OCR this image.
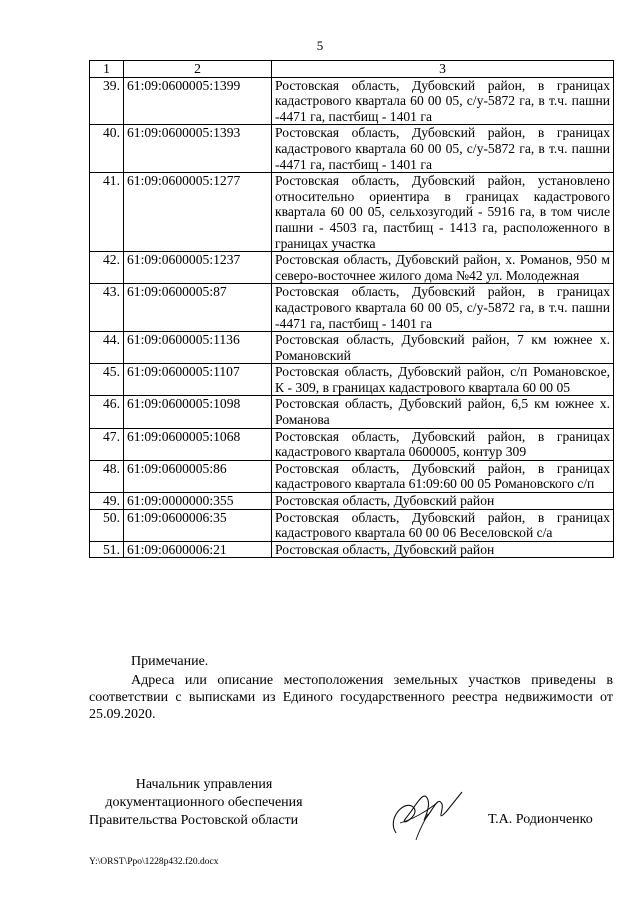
5
1	2	3
39.	61:09:0600005:1399	Ростовская область, Дубовский район, в границах кадастрового квартала 60 00 05, с/у-5872 га, в т.ч. пашни -4471 га, пастбищ - 1401 га
40.	61:09:0600005:1393	Ростовская область, Дубовский район, в границах кадастрового квартала 60 00 05, с/у-5872 га, в т.ч. пашни -4471 га, пастбищ - 1401 га
41.	61:09:0600005:1277	Ростовская область, Дубовский район, установлено относительно ориентира в границах кадастрового квартала 60 00 05, сельхозугодий - 5916 га, в том числе пашни - 4503 га, пастбищ - 1413 га, расположенного в границах участка
42.	61:09:0600005:1237	Ростовская область, Дубовский район, х. Романов, 950 м северо-восточнее жилого дома №42 ул. Молодежная
43.	61:09:0600005:87	Ростовская область, Дубовский район, в границах кадастрового квартала 60 00 05, с/у-5872 га, в т.ч. пашни -4471 га, пастбищ - 1401 га
44.	61:09:0600005:1136	Ростовская область, Дубовский район, 7 км южнее х. Романовский
45.	61:09:0600005:1107	Ростовская область, Дубовский район, с/п Романовское, К - 309, в границах кадастрового квартала 60 00 05
46.	61:09:0600005:1098	Ростовская область, Дубовский район, 6,5 км южнее х. Романова
47.	61:09:0600005:1068	Ростовская область, Дубовский район, в границах кадастрового квартала 0600005, контур 309
48.	61:09:0600005:86	Ростовская область, Дубовский район, в границах кадастрового квартала 61:09:60 00 05 Романовского с/п
49.	61:09:0000000:355	Ростовская область, Дубовский район
50.	61:09:0600006:35	Ростовская область, Дубовский район, в границах кадастрового квартала 60 00 06 Веселовской с/а
51.	61:09:0600006:21	Ростовская область, Дубовский район
Примечание.
Адреса или описание местоположения земельных участков приведены в соответствии с выписками из Единого государственного реестра недвижимости от 25.09.2020.
Начальник управления
документационного обеспечения
Правительства Ростовской области	Т.А. Родионченко
Y:\ORST\Ppo\1228p432.f20.docx
